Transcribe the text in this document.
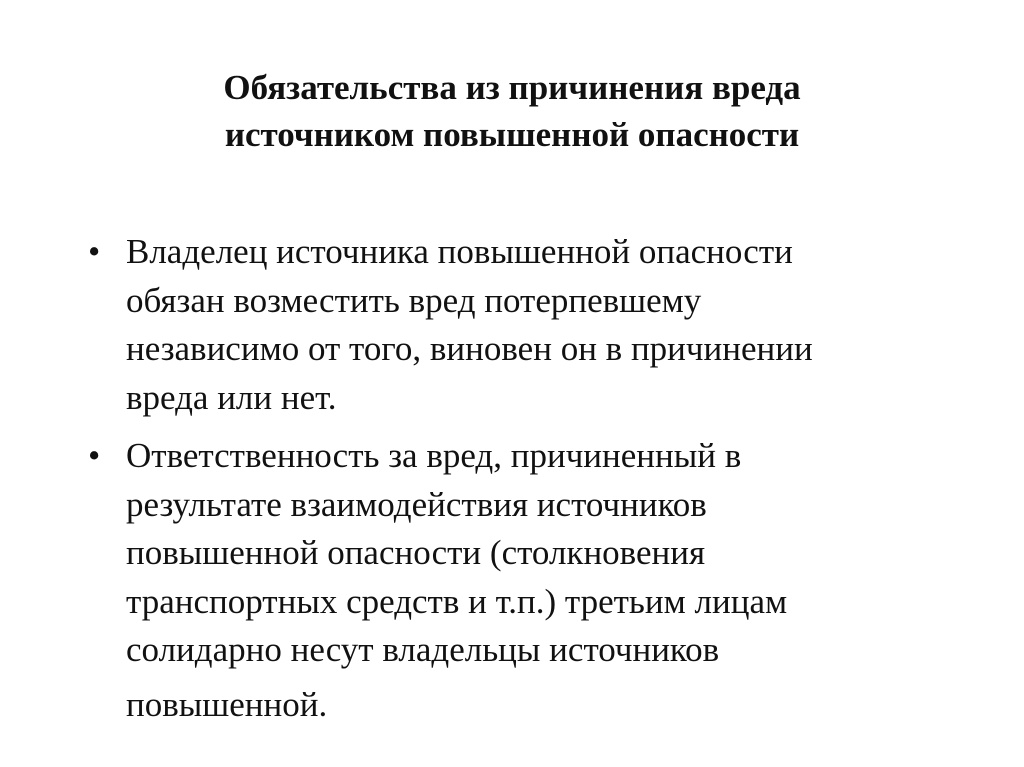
Обязательства из причинения вреда
источником повышенной опасности
• Владелец источника повышенной опасности
обязан возместить вред потерпевшему
независимо от того, виновен он в причинении
вреда или нет.
• Ответственность за вред, причиненный в
результате взаимодействия источников
повышенной опасности (столкновения
транспортных средств и т.п.) третьим лицам
солидарно несут владельцы источников
повышенной.
